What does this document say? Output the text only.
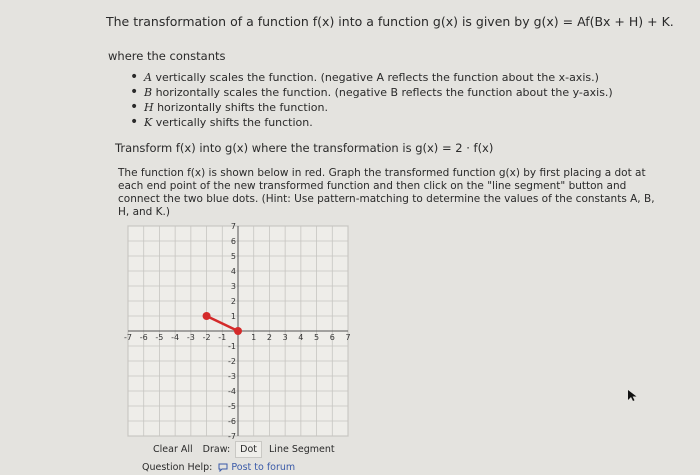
The transformation of a function f(x) into a function g(x) is given by g(x) = Af(Bx + H) + K.
where the constants
• A vertically scales the function. (negative A reflects the function about the x-axis.)
• B horizontally scales the function. (negative B reflects the function about the y-axis.)
• H horizontally shifts the function.
• K vertically shifts the function.
Transform f(x) into g(x) where the transformation is g(x) = 2 · f(x)
The function f(x) is shown below in red. Graph the transformed function g(x) by first placing a dot at each end point of the new transformed function and then click on the "line segment" button and connect the two blue dots. (Hint: Use pattern-matching to determine the values of the constants A, B, H, and K.)
-7 -6 -5 -4 -3 -2 -1	1 2 3 4 5 6 7
7
6
5
4
3
2
1
-1
-2
-3
-4
-5
-6
-7
Clear All	Draw:	Dot	Line Segment
Question Help: Post to forum
